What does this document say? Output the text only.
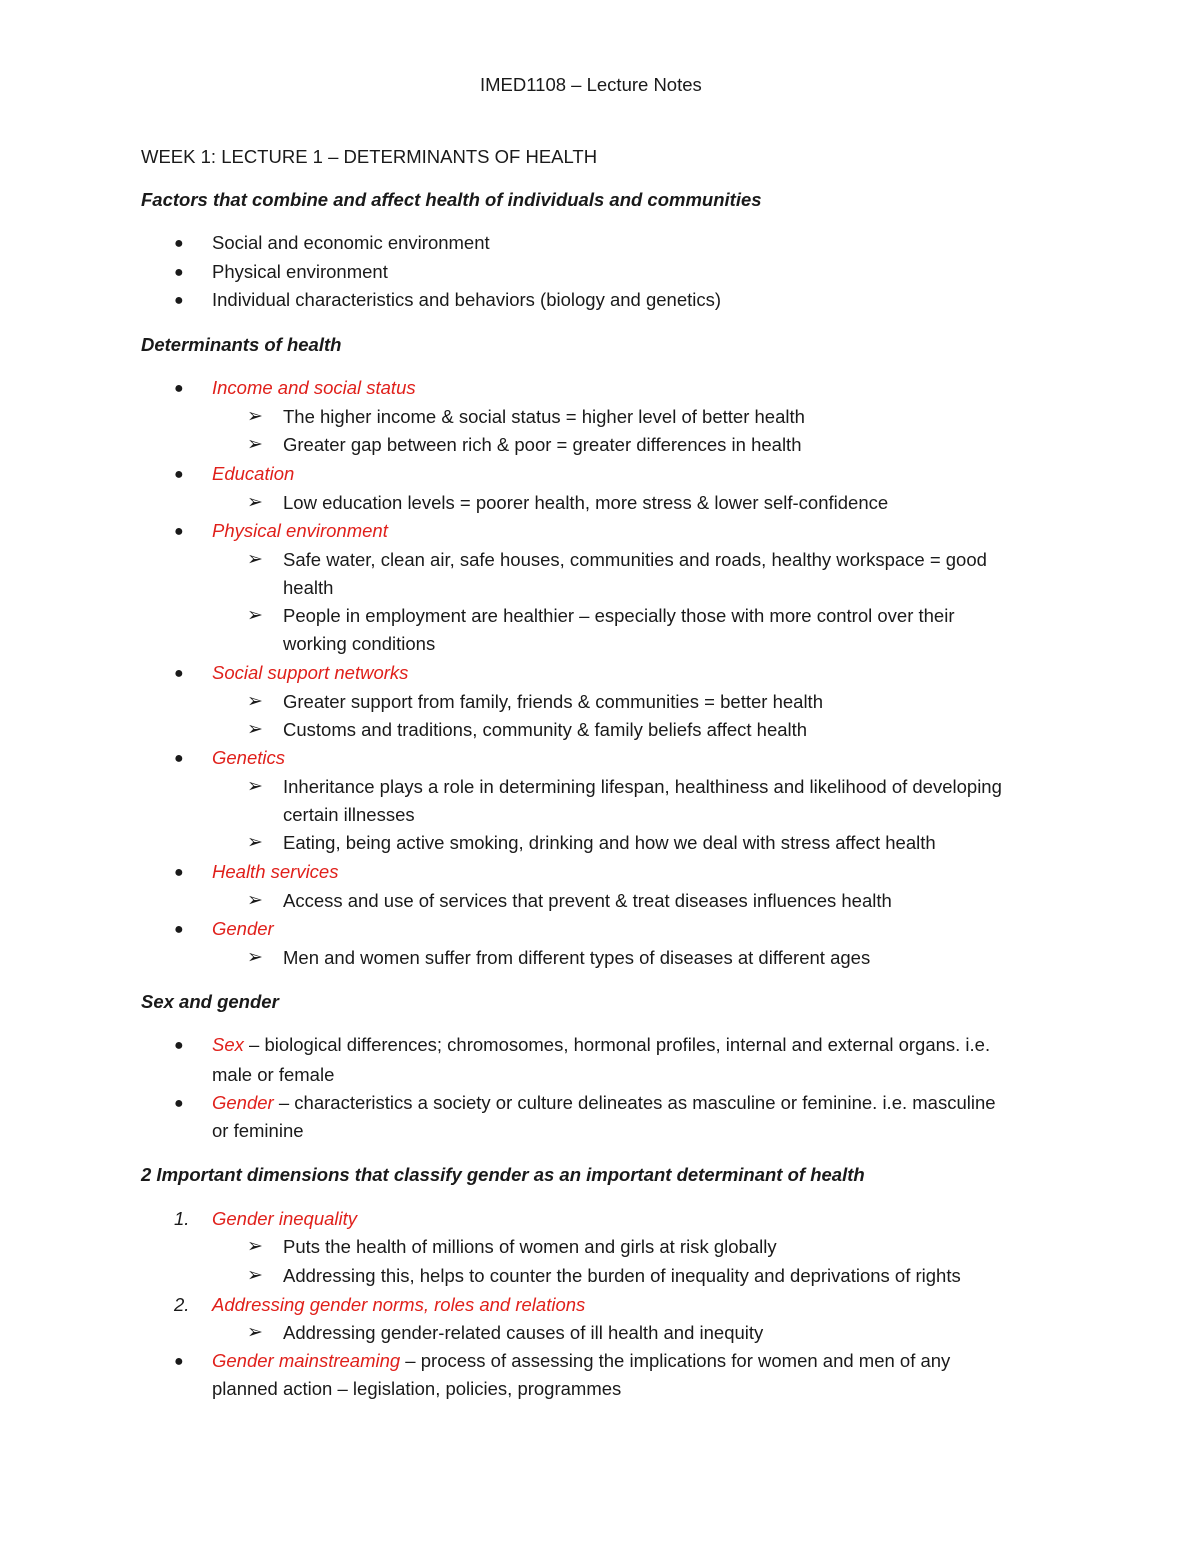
IMED1108 – Lecture Notes
WEEK 1: LECTURE 1 – DETERMINANTS OF HEALTH
Factors that combine and affect health of individuals and communities
● Social and economic environment
● Physical environment
● Individual characteristics and behaviors (biology and genetics)
Determinants of health
● Income and social status
➢ The higher income & social status = higher level of better health
➢ Greater gap between rich & poor = greater differences in health
● Education
➢ Low education levels = poorer health, more stress & lower self-confidence
● Physical environment
➢ Safe water, clean air, safe houses, communities and roads, healthy workspace = good
health
➢ People in employment are healthier – especially those with more control over their
working conditions
● Social support networks
➢ Greater support from family, friends & communities = better health
➢ Customs and traditions, community & family beliefs affect health
● Genetics
➢ Inheritance plays a role in determining lifespan, healthiness and likelihood of developing
certain illnesses
➢ Eating, being active smoking, drinking and how we deal with stress affect health
● Health services
➢ Access and use of services that prevent & treat diseases influences health
● Gender
➢ Men and women suffer from different types of diseases at different ages
Sex and gender
● Sex – biological differences; chromosomes, hormonal profiles, internal and external organs. i.e.
male or female
● Gender – characteristics a society or culture delineates as masculine or feminine. i.e. masculine
or feminine
2 Important dimensions that classify gender as an important determinant of health
1. Gender inequality
➢ Puts the health of millions of women and girls at risk globally
➢ Addressing this, helps to counter the burden of inequality and deprivations of rights
2. Addressing gender norms, roles and relations
➢ Addressing gender-related causes of ill health and inequity
● Gender mainstreaming – process of assessing the implications for women and men of any
planned action – legislation, policies, programmes
